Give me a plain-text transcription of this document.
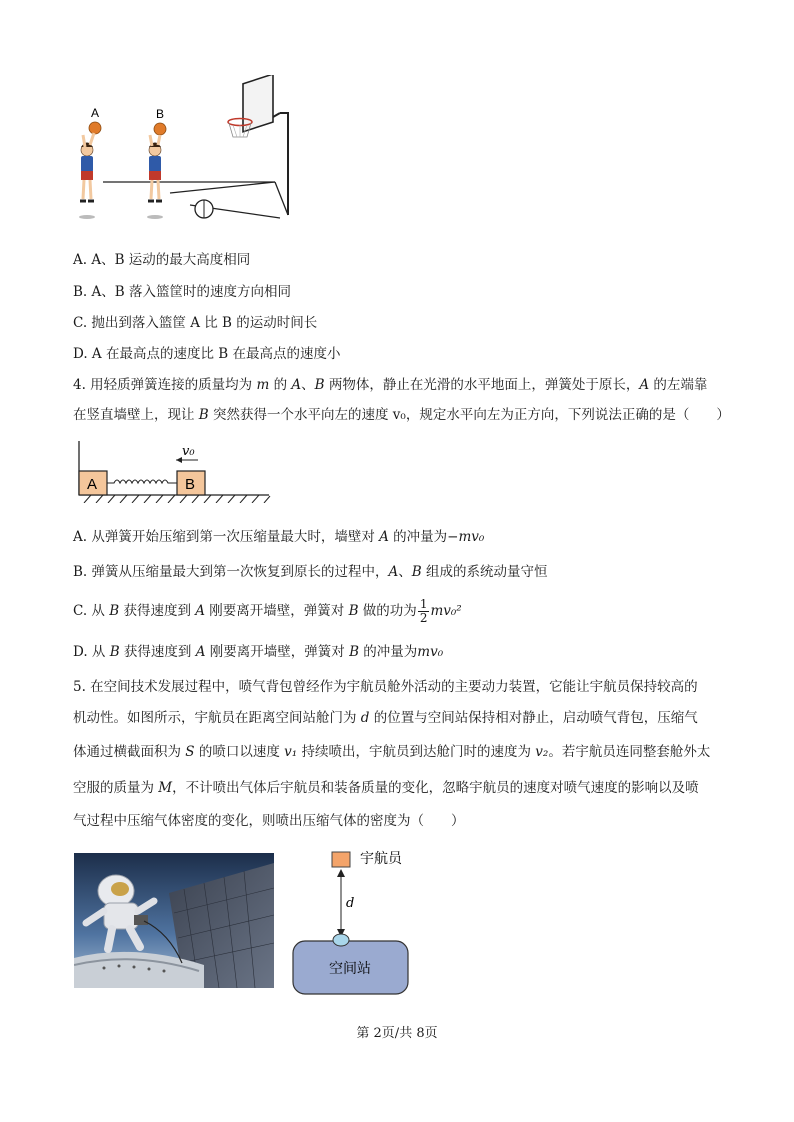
A	B
A. A、B 运动的最大高度相同
B. A、B 落入篮筐时的速度方向相同
C. 抛出到落入篮筐 A 比 B 的运动时间长
D. A 在最高点的速度比 B 在最高点的速度小
4. 用轻质弹簧连接的质量均为 m 的 A、B 两物体，静止在光滑的水平地面上，弹簧处于原长，A 的左端靠
在竖直墙壁上，现让 B 突然获得一个水平向左的速度 v₀，规定水平向左为正方向，下列说法正确的是（　　）
A	B
v₀
A. 从弹簧开始压缩到第一次压缩量最大时，墙壁对 A 的冲量为−mv₀
B. 弹簧从压缩量最大到第一次恢复到原长的过程中，A、B 组成的系统动量守恒
C. 从 B 获得速度到 A 刚要离开墙壁，弹簧对 B 做的功为 $\frac{1}{2} mv_0^2$
D. 从 B 获得速度到 A 刚要离开墙壁，弹簧对 B 的冲量为mv₀
5. 在空间技术发展过程中，喷气背包曾经作为宇航员舱外活动的主要动力装置，它能让宇航员保持较高的
机动性。如图所示，宇航员在距离空间站舱门为 d 的位置与空间站保持相对静止，启动喷气背包，压缩气
体通过横截面积为 S 的喷口以速度 v₁ 持续喷出，宇航员到达舱门时的速度为 v₂。若宇航员连同整套舱外太
空服的质量为 M，不计喷出气体后宇航员和装备质量的变化，忽略宇航员的速度对喷气速度的影响以及喷
气过程中压缩气体密度的变化，则喷出压缩气体的密度为（　　）
宇航员
d
空间站
第 2页/共 8页
